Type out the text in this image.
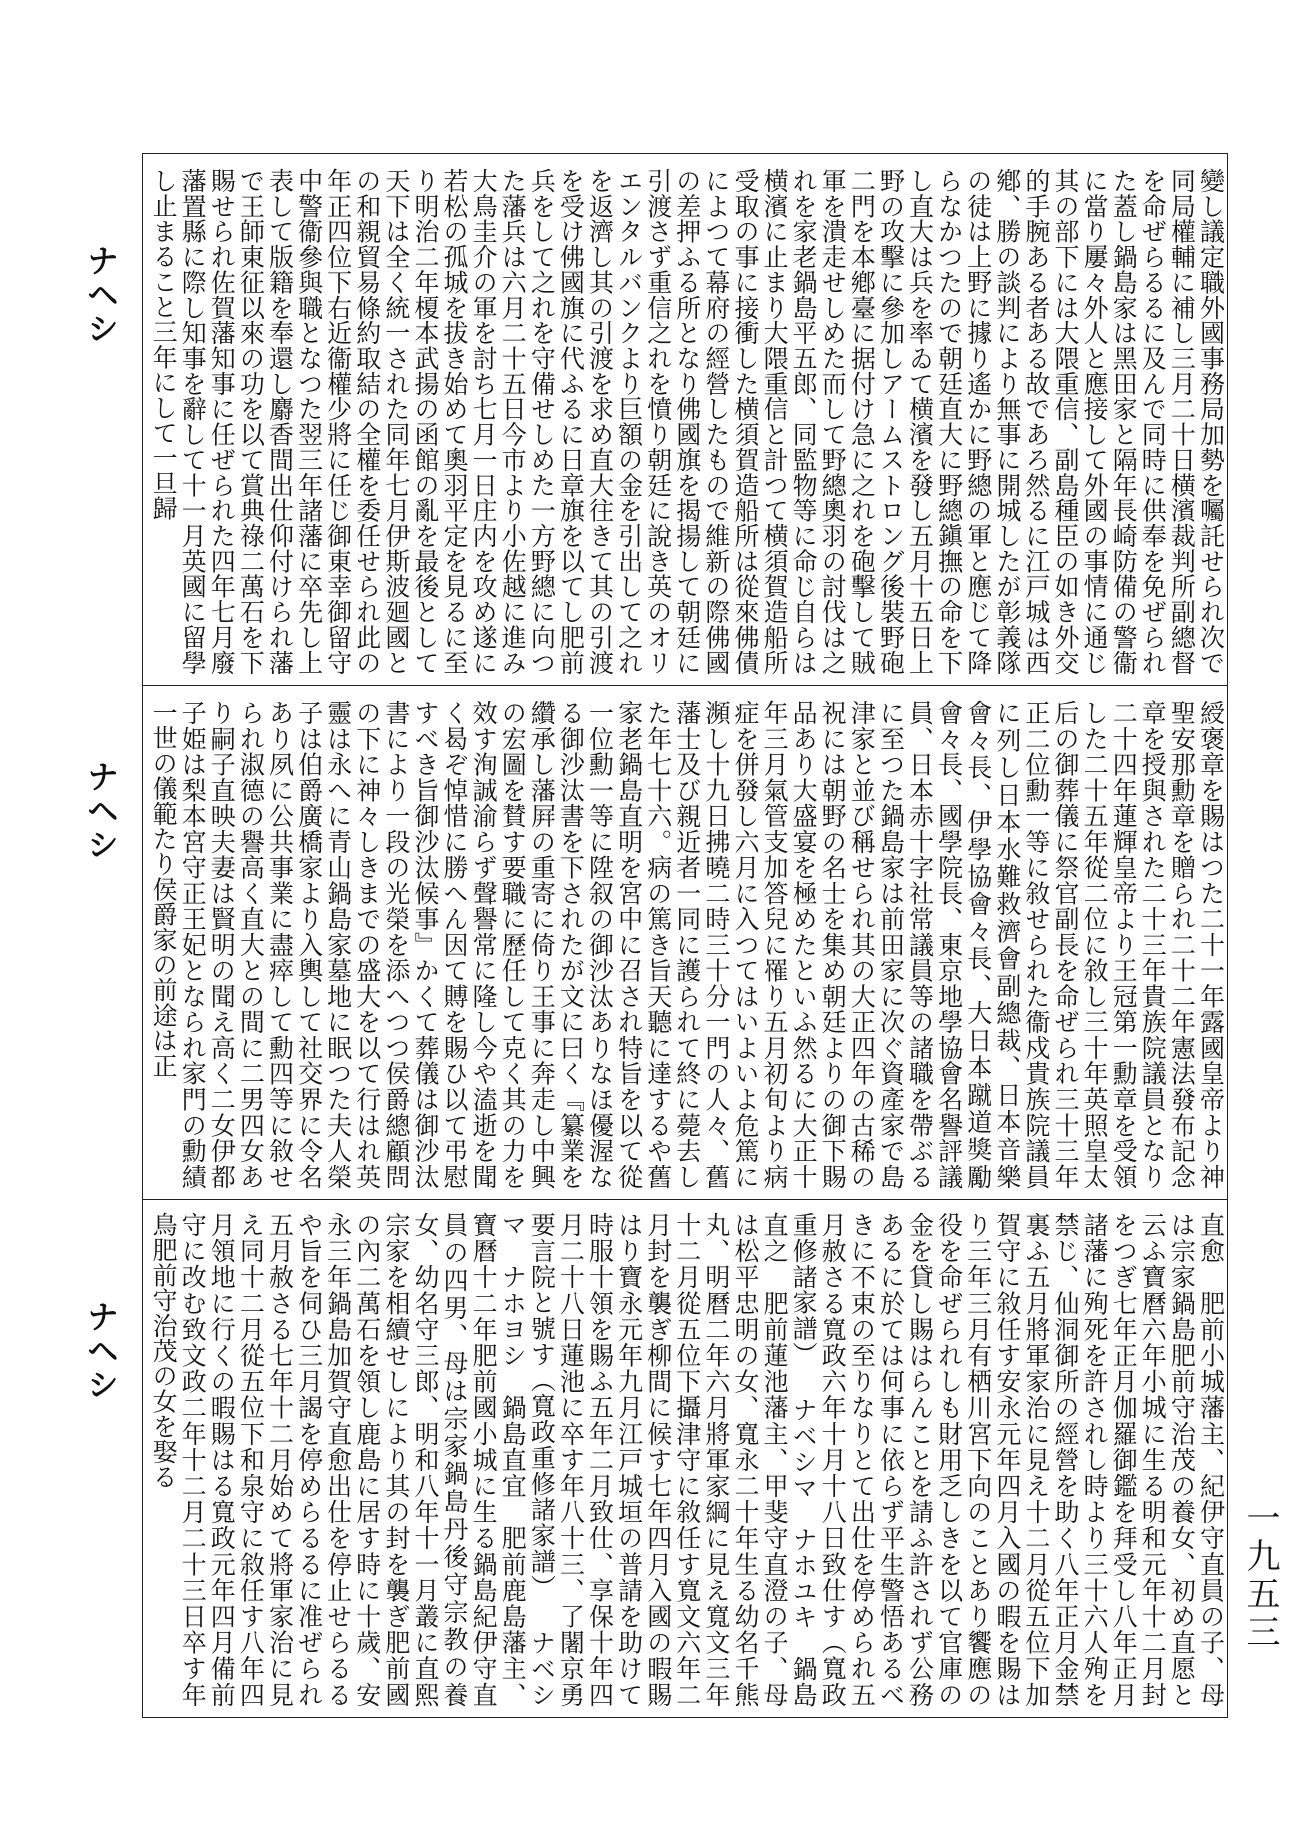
ナヘシ
ナヘシ
ナヘシ
變し議定職外國事務局加勢を囑託せられ次で同局權輔に補し三月二十日横濱裁判所副總督を命ぜらるるに及んで同時に供奉を免ぜられた蓋し鍋島家は黑田家と隔年長崎防備の警衞に當り屢々外人と應接して外國の事情に通じ其の部下には大隈重信、副島種臣の如き外交的手腕ある者ある故であろ然るに江戸城は西鄕、勝の談判により無事に開城したが彰義隊の徒は上野に據り遙かに野總の軍と應じて降らなかつたので朝廷直大に野總鎭撫の命を下し直大は兵を率ゐて横濱を發し五月十五日上野の攻擊に參加しアームストロング後裝野砲二門を本鄕臺に据付け急に之れを砲擊して賊軍を潰走せしめた而して野總奧羽の討伐は之れを家老鍋島平五郎、同監物等に命じ自らは横濱に止まり大隈重信と計つて横須賀造船所受取の事に接衝した横須賀造船所は從來佛債によつて幕府の經營したもので維新の際佛國の差押ふる所となり佛國旗を揭揚して朝廷に引渡さず重信之れを憤り朝廷に說き英のオリエンタルバンクより巨額の金を引出して之れを返濟し其の引渡を求め直大往きて其の引渡を受け佛國旗に代ふるに日章旗を以てし肥前兵をして之れを守備せしめた一方野總に向つた藩兵は六月二十五日今市より小佐越に進み大鳥圭介の軍を討ち七月一日庄内を攻め遂に若松の孤城を拔き始めて奧羽平定を見るに至り明治二年榎本武揚の函館の亂を最後として天下は全く統一された同年七月伊斯波廻國との和親貿易條約取結の全權を委任せられ此の年正四位下右近衞權少將に任じ御東幸御留守中警衞參與職となつた翌三年諸藩に卒先し上表して版籍を奉還し麝香間出仕仰付けられ藩で王師東征以來の功を以て賞典祿二萬石を下賜せられ佐賀藩知事に任ぜられた四年七月廢藩置縣に際し知事を辭して十一月英國に留學し止まること三年にして一旦歸
綬褒章を賜はつた二十一年露國皇帝より神聖安那勳章を贈られ二十二年憲法發布記念章を授與された二十三年貴族院議員となり二十四年蓮輝皇帝より王冠第一勳章を受領した二十五年從二位に敘し三十年英照皇太后の御葬儀に祭官副長を命ぜられ三十三年正二位勳一等に敘せられた衞戍貴族院議員に列し日本水難救濟會副總裁、日本音樂會々長、伊學協會々長、大日本蹴道獎勵會々長、國學院長、東京地學協會名譽評議員、日本赤十字社常議員等の諸職を帶ぶるに至つた鍋島家は前田家に次ぐ資產家で島津家と並び稱せられ其の大正四年の古稀の祝には朝野の名士を集め朝廷よりの御下賜品あり大盛宴を極めたといふ然るに大正十年三月氣管支加答兒に罹り五月初旬より病症を併發し六月に入つてはいよいよ危篤に瀕し十九日拂曉二時三十分一門の人々、舊藩士及び親近者一同に護られて終に薨去した年七十六。病の篤き旨天聽に達するや舊家老鍋島直明を宮中に召され特旨を以て從一位勳一等に陞叙の御沙汰ありなほ優渥なる御沙汰書を下されたが文に曰く『纂業を纘承し藩屛の重寄に倚り王事に奔走し中興の宏圖を賛す要職に歷任して克く其の力を效す洵誠渝らず聲譽常に隆し今や溘逝を聞く曷ぞ悼惜に勝へん因て賻を賜ひ以て弔慰すべき旨御沙汰候事』かくて葬儀は御沙汰書により一段の光榮を添へつつ侯爵總顧問の下に神々しきまでの盛大を以て行はれ英靈は永へに青山鍋島家墓地に眠つた夫人榮子は伯爵廣橋家より入輿して社交界に令名あり夙に公共事業に盡瘁して勳四等に敘せられ淑德の譽高く直大との間に二男四女あり嗣子直映夫妻は賢明の聞え高く二女伊都子姫は梨本宮守正王妃となられ家門の勳績一世の儀範たり侯爵家の前途は正
　　直愈　肥前小城藩主、紀伊守直員の子、母は宗家鍋島肥前守治茂の養女、初め直愿と云ふ寶曆六年小城に生る明和元年十二月封をつぎ七年正月伽羅御鑑を拜受し八年正月諸藩に殉死を許されし時より三十六人殉を禁じ、仙洞御所の經營を助く八年正月金禁裏ふ五月將軍家治に見え十二月從五位下加賀守に敘任す安永元年四月入國の暇を賜はり三年三月有栖川宮下向のことあり饗應の役を命ぜられしも財用乏しきを以て官庫の金を貸し賜はらんことを請ふ許されず公務あるに於ては何事に依らず平生警悟あるべきに不束の至りなりとて出仕を停められ五月赦さる寬政六年十月十八日致仕す（寬政重修諸家譜） ナベシマ　ナホユキ　鍋島直之　肥前蓮池藩主、甲斐守直澄の子、母は松平忠明の女、寬永二十年生る幼名千熊丸、明曆二年六月將軍家綱に見え寬文三年十二月從五位下攝津守に敘任す寬文六年二月封を襲ぎ柳間に候す七年四月入國の暇賜はり寶永元年九月江戸城垣の普請を助けて時服十領を賜ふ五年二月致仕、享保十年四月二十八日蓮池に卒す年八十三、了闍京勇要言院と號す（寬政重修諸家譜） ナベシマ　ナホヨシ　鍋島直宜　肥前鹿島藩主、寶曆十二年肥前國小城に生る鍋島紀伊守直員の四男、母は宗家鍋島丹後守宗教の養女、幼名守三郎、明和八年十一月叢に直熙宗家を相續せしにより其の封を襲ぎ肥前國の內二萬石を領し鹿島に居す時に十歲、安永三年鍋島加賀守直愈出仕を停止せらるるや旨を伺ひ三月謁を停めらるるに准ぜられ五月赦さる七年十二月始めて將軍家治に見え同十二月從五位下和泉守に敘任す八年四月領地に行くの暇賜はる寬政元年四月備前守に改む致文政二年十二月二十三日卒す年鳥肥前守治茂の女を娶る
一九五三
